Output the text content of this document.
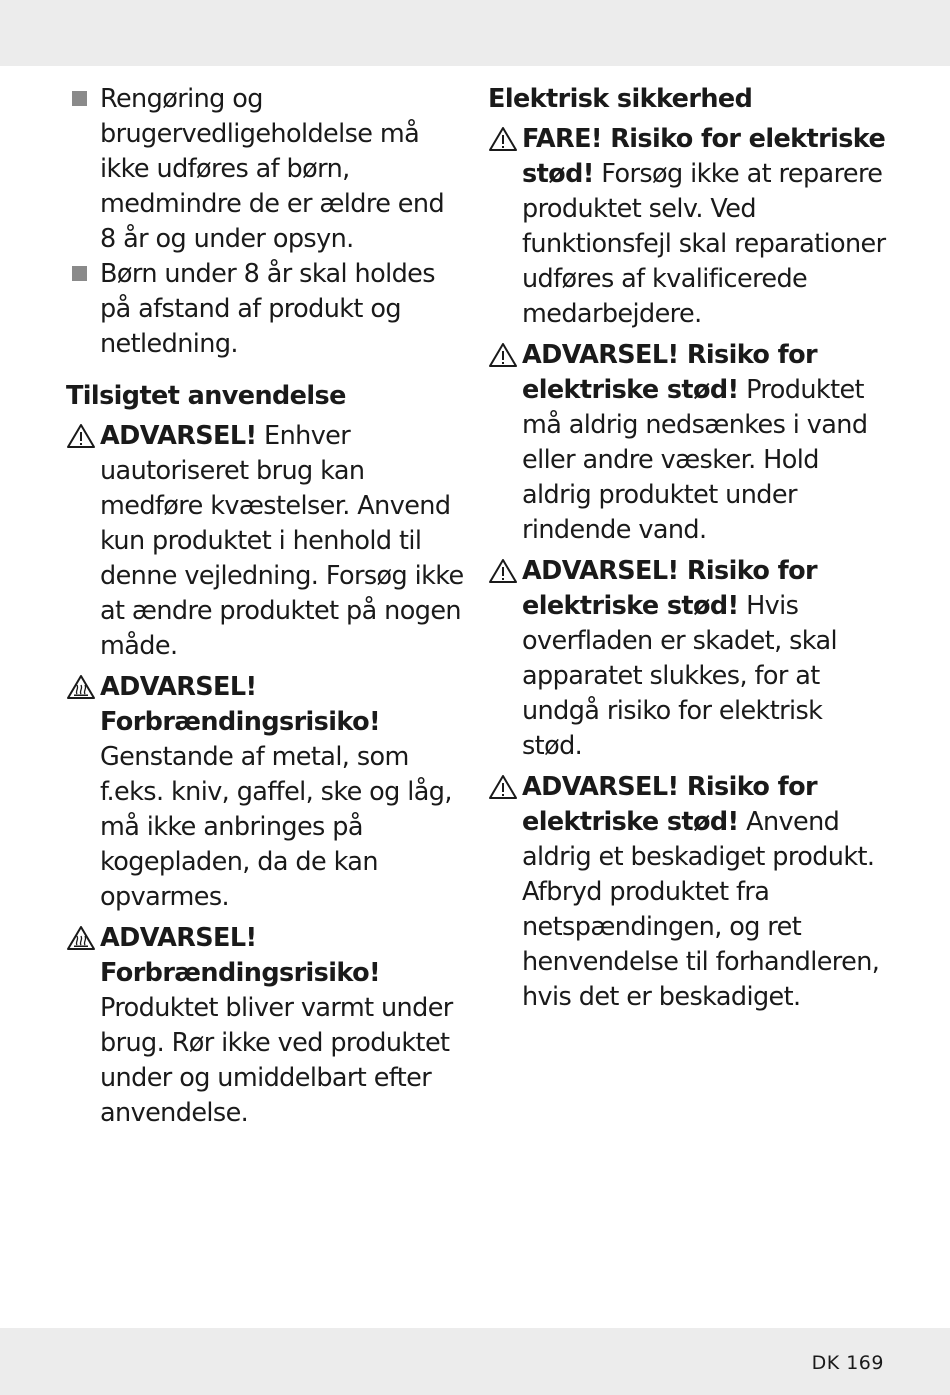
Rengøring og brugervedligeholdelse må ikke udføres af børn, medmindre de er ældre end 8 år og under opsyn.

Børn under 8 år skal holdes på afstand af produkt og netledning.

Tilsigtet anvendelse

ADVARSEL! Enhver uautoriseret brug kan medføre kvæstelser. Anvend kun produktet i henhold til denne vejledning. Forsøg ikke at ændre produktet på nogen måde.

ADVARSEL! Forbrændingsrisiko! Genstande af metal, som f.eks. kniv, gaffel, ske og låg, må ikke anbringes på kogepladen, da de kan opvarmes.

ADVARSEL! Forbrændingsrisiko! Produktet bliver varmt under brug. Rør ikke ved produktet under og umiddelbart efter anvendelse.

Elektrisk sikkerhed

FARE! Risiko for elektriske stød! Forsøg ikke at reparere produktet selv. Ved funktionsfejl skal reparationer udføres af kvalificerede medarbejdere.

ADVARSEL! Risiko for elektriske stød! Produktet må aldrig nedsænkes i vand eller andre væsker. Hold aldrig produktet under rindende vand.

ADVARSEL! Risiko for elektriske stød! Hvis overfladen er skadet, skal apparatet slukkes, for at undgå risiko for elektrisk stød.

ADVARSEL! Risiko for elektriske stød! Anvend aldrig et beskadiget produkt. Afbryd produktet fra netspændingen, og ret henvendelse til forhandleren, hvis det er beskadiget.

DK 169
